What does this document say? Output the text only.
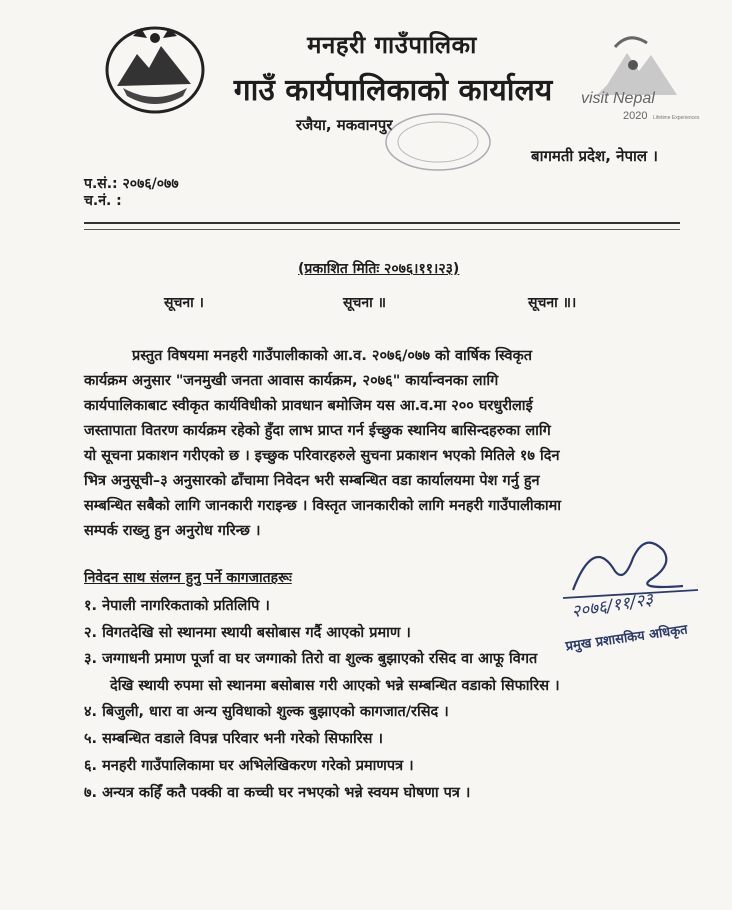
मनहरी गाउँपालिका
गाउँ कार्यपालिकाको कार्यालय
रजैया, मकवानपुर
visit Nepal
2020 Lifetime Experiences
बागमती प्रदेश, नेपाल ।
प.सं.: २०७६/०७७
च.नं. :
(प्रकाशित मितिः २०७६।११।२३)
सूचना ।	सूचना ॥	सूचना ॥।
प्रस्तुत विषयमा मनहरी गाउँपालीकाको आ.व. २०७६/०७७ को वार्षिक स्विकृत
कार्यक्रम अनुसार "जनमुखी जनता आवास कार्यक्रम, २०७६" कार्यान्वनका लागि
कार्यपालिकाबाट स्वीकृत कार्यविधीको प्रावधान बमोजिम यस आ.व.मा २०० घरधुरीलाई
जस्तापाता वितरण कार्यक्रम रहेको हुँदा लाभ प्राप्त गर्न ईच्छुक स्थानिय बासिन्दहरुका लागि
यो सूचना प्रकाशन गरीएको छ । इच्छुक परिवारहरुले सुचना प्रकाशन भएको मितिले १७ दिन
भित्र अनुसूची–३ अनुसारको ढाँचामा निवेदन भरी सम्बन्धित वडा कार्यालयमा पेश गर्नु हुन
सम्बन्धित सबैको लागि जानकारी गराइन्छ । विस्तृत जानकारीको लागि मनहरी गाउँपालीकामा
सम्पर्क राख्नु हुन अनुरोध गरिन्छ ।
निवेदन साथ संलग्न हुनु पर्ने कागजातहरूः
१. नेपाली नागरिकताको प्रतिलिपि ।
२. विगतदेखि सो स्थानमा स्थायी बसोबास गर्दै आएको प्रमाण ।
३. जग्गाधनी प्रमाण पूर्जा वा घर जग्गाको तिरो वा शुल्क बुझाएको रसिद वा आफू विगत
देखि स्थायी रुपमा सो स्थानमा बसोबास गरी आएको भन्ने सम्बन्धित वडाको सिफारिस ।
४. बिजुली, धारा वा अन्य सुविधाको शुल्क बुझाएको कागजात/रसिद ।
५. सम्बन्धित वडाले विपन्न परिवार भनी गरेको सिफारिस ।
६. मनहरी गाउँपालिकामा घर अभिलेखिकरण गरेको प्रमाणपत्र ।
७. अन्यत्र कहिँ कतै पक्की वा कच्ची घर नभएको भन्ने स्वयम घोषणा पत्र ।
२०७६/११/२३
प्रमुख प्रशासकिय अधिकृत
